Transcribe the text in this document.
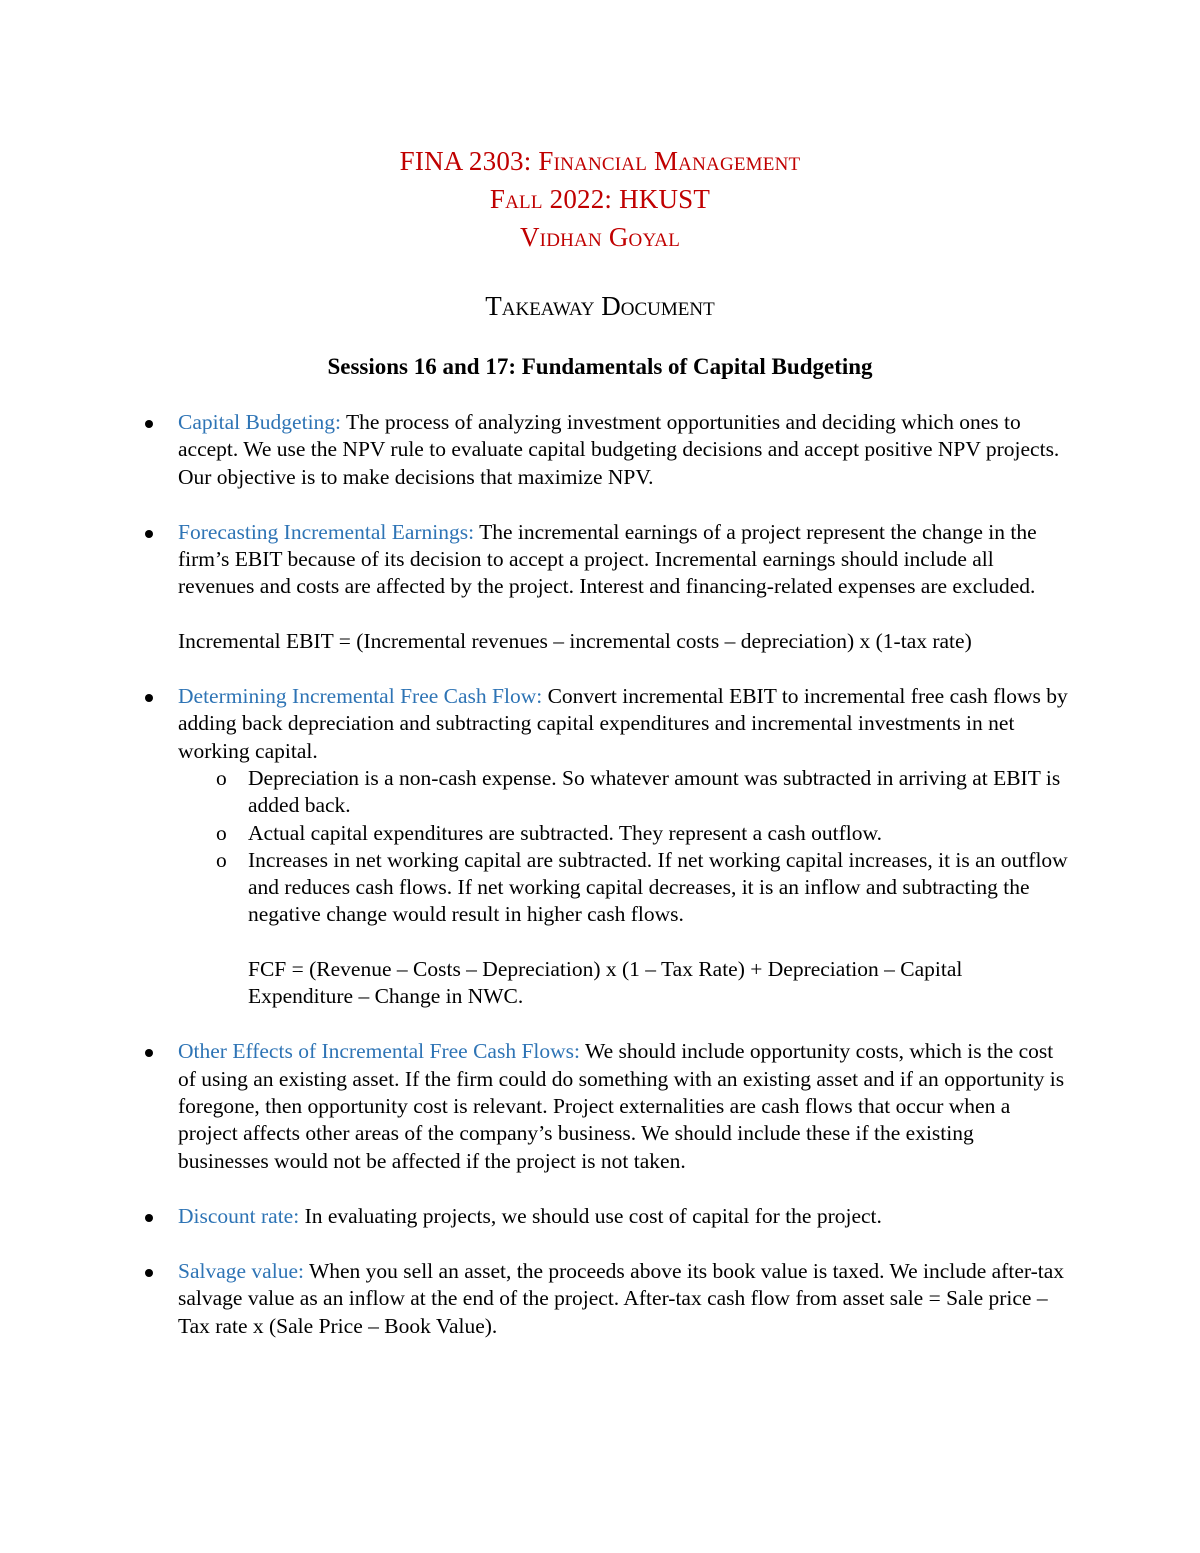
FINA 2303: Financial Management
Fall 2022: HKUST
Vidhan Goyal
Takeaway Document
Sessions 16 and 17: Fundamentals of Capital Budgeting
Capital Budgeting: The process of analyzing investment opportunities and deciding which ones to accept. We use the NPV rule to evaluate capital budgeting decisions and accept positive NPV projects. Our objective is to make decisions that maximize NPV.
Forecasting Incremental Earnings: The incremental earnings of a project represent the change in the firm’s EBIT because of its decision to accept a project. Incremental earnings should include all revenues and costs are affected by the project. Interest and financing-related expenses are excluded.
Incremental EBIT = (Incremental revenues – incremental costs – depreciation) x (1-tax rate)
Determining Incremental Free Cash Flow: Convert incremental EBIT to incremental free cash flows by adding back depreciation and subtracting capital expenditures and incremental investments in net working capital.
o Depreciation is a non-cash expense. So whatever amount was subtracted in arriving at EBIT is added back.
o Actual capital expenditures are subtracted. They represent a cash outflow.
o Increases in net working capital are subtracted. If net working capital increases, it is an outflow and reduces cash flows. If net working capital decreases, it is an inflow and subtracting the negative change would result in higher cash flows.
FCF = (Revenue – Costs – Depreciation) x (1 – Tax Rate) + Depreciation – Capital Expenditure – Change in NWC.
Other Effects of Incremental Free Cash Flows: We should include opportunity costs, which is the cost of using an existing asset. If the firm could do something with an existing asset and if an opportunity is foregone, then opportunity cost is relevant. Project externalities are cash flows that occur when a project affects other areas of the company’s business. We should include these if the existing businesses would not be affected if the project is not taken.
Discount rate: In evaluating projects, we should use cost of capital for the project.
Salvage value: When you sell an asset, the proceeds above its book value is taxed. We include after-tax salvage value as an inflow at the end of the project. After-tax cash flow from asset sale = Sale price – Tax rate x (Sale Price – Book Value).
